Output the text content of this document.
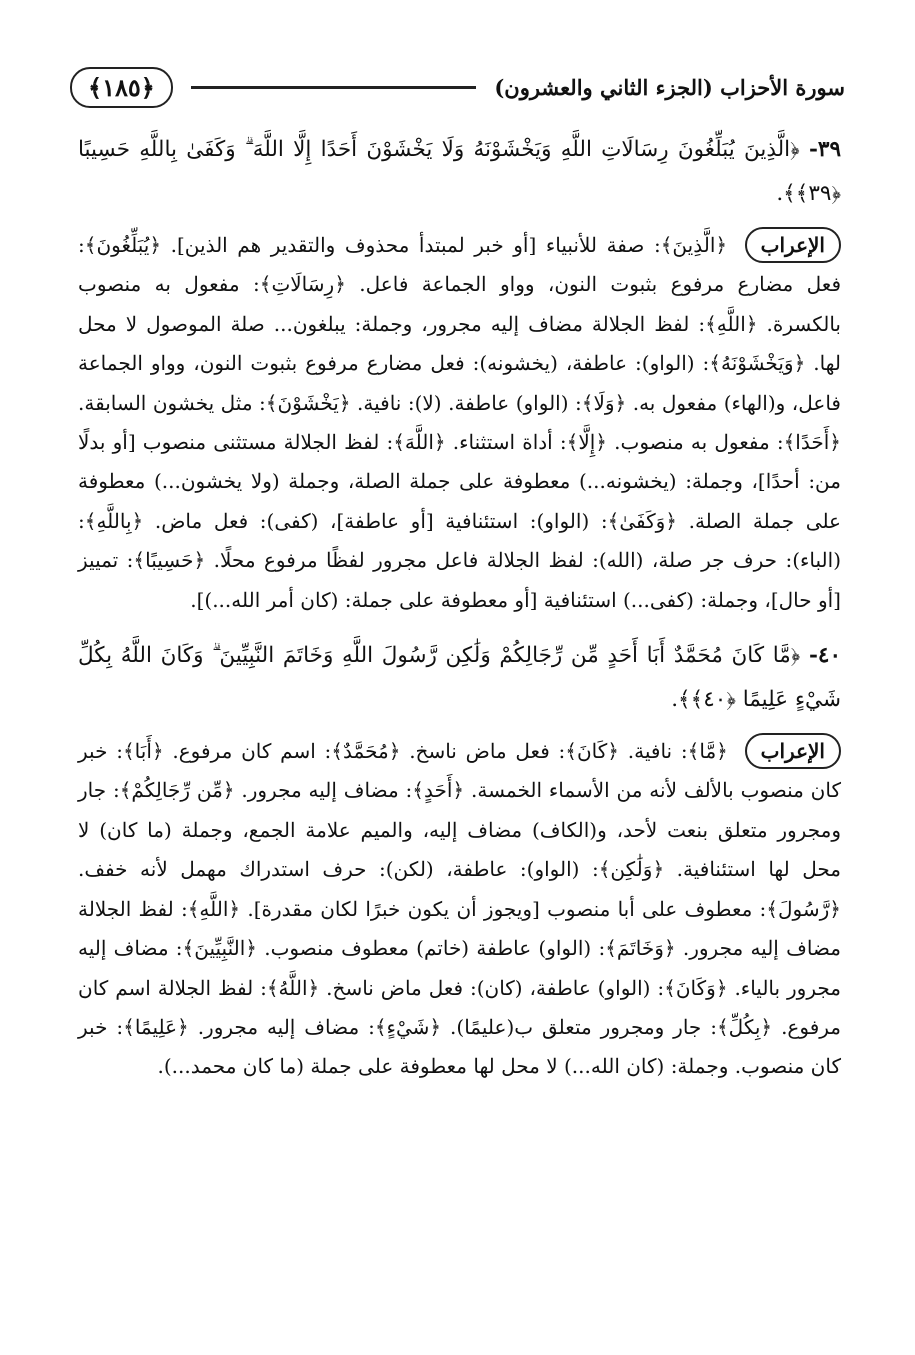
﴿١٨٥﴾	سورة الأحزاب (الجزء الثاني والعشرون)

٣٩- ﴿الَّذِينَ يُبَلِّغُونَ رِسَالَاتِ اللَّهِ وَيَخْشَوْنَهُ وَلَا يَخْشَوْنَ أَحَدًا إِلَّا اللَّهَ ۗ وَكَفَىٰ بِاللَّهِ حَسِيبًا ﴿٣٩﴾﴾.

الإعراب ﴿الَّذِينَ﴾: صفة للأنبياء [أو خبر لمبتدأ محذوف والتقدير هم الذين]. ﴿يُبَلِّغُونَ﴾: فعل مضارع مرفوع بثبوت النون، وواو الجماعة فاعل. ﴿رِسَالَاتِ﴾: مفعول به منصوب بالكسرة. ﴿اللَّهِ﴾: لفظ الجلالة مضاف إليه مجرور، وجملة: يبلغون... صلة الموصول لا محل لها. ﴿وَيَخْشَوْنَهُ﴾: (الواو): عاطفة، (يخشونه): فعل مضارع مرفوع بثبوت النون، وواو الجماعة فاعل، و(الهاء) مفعول به. ﴿وَلَا﴾: (الواو) عاطفة. (لا): نافية. ﴿يَخْشَوْنَ﴾: مثل يخشون السابقة. ﴿أَحَدًا﴾: مفعول به منصوب. ﴿إِلَّا﴾: أداة استثناء. ﴿اللَّهَ﴾: لفظ الجلالة مستثنى منصوب [أو بدلًا من: أحدًا]، وجملة: (يخشونه...) معطوفة على جملة الصلة، وجملة (ولا يخشون...) معطوفة على جملة الصلة. ﴿وَكَفَىٰ﴾: (الواو): استئنافية [أو عاطفة]، (كفى): فعل ماض. ﴿بِاللَّهِ﴾: (الباء): حرف جر صلة، (الله): لفظ الجلالة فاعل مجرور لفظًا مرفوع محلًا. ﴿حَسِيبًا﴾: تمييز [أو حال]، وجملة: (كفى...) استئنافية [أو معطوفة على جملة: (كان أمر الله...)].

٤٠- ﴿مَّا كَانَ مُحَمَّدٌ أَبَا أَحَدٍ مِّن رِّجَالِكُمْ وَلَٰكِن رَّسُولَ اللَّهِ وَخَاتَمَ النَّبِيِّينَ ۗ وَكَانَ اللَّهُ بِكُلِّ شَيْءٍ عَلِيمًا ﴿٤٠﴾﴾.

الإعراب ﴿مَّا﴾: نافية. ﴿كَانَ﴾: فعل ماض ناسخ. ﴿مُحَمَّدٌ﴾: اسم كان مرفوع. ﴿أَبَا﴾: خبر كان منصوب بالألف لأنه من الأسماء الخمسة. ﴿أَحَدٍ﴾: مضاف إليه مجرور. ﴿مِّن رِّجَالِكُمْ﴾: جار ومجرور متعلق بنعت لأحد، و(الكاف) مضاف إليه، والميم علامة الجمع، وجملة (ما كان) لا محل لها استئنافية. ﴿وَلَٰكِن﴾: (الواو): عاطفة، (لكن): حرف استدراك مهمل لأنه خفف. ﴿رَّسُولَ﴾: معطوف على أبا منصوب [ويجوز أن يكون خبرًا لكان مقدرة]. ﴿اللَّهِ﴾: لفظ الجلالة مضاف إليه مجرور. ﴿وَخَاتَمَ﴾: (الواو) عاطفة (خاتم) معطوف منصوب. ﴿النَّبِيِّينَ﴾: مضاف إليه مجرور بالياء. ﴿وَكَانَ﴾: (الواو) عاطفة، (كان): فعل ماض ناسخ. ﴿اللَّهُ﴾: لفظ الجلالة اسم كان مرفوع. ﴿بِكُلِّ﴾: جار ومجرور متعلق ب(عليمًا). ﴿شَيْءٍ﴾: مضاف إليه مجرور. ﴿عَلِيمًا﴾: خبر كان منصوب. وجملة: (كان الله...) لا محل لها معطوفة على جملة (ما كان محمد...).
